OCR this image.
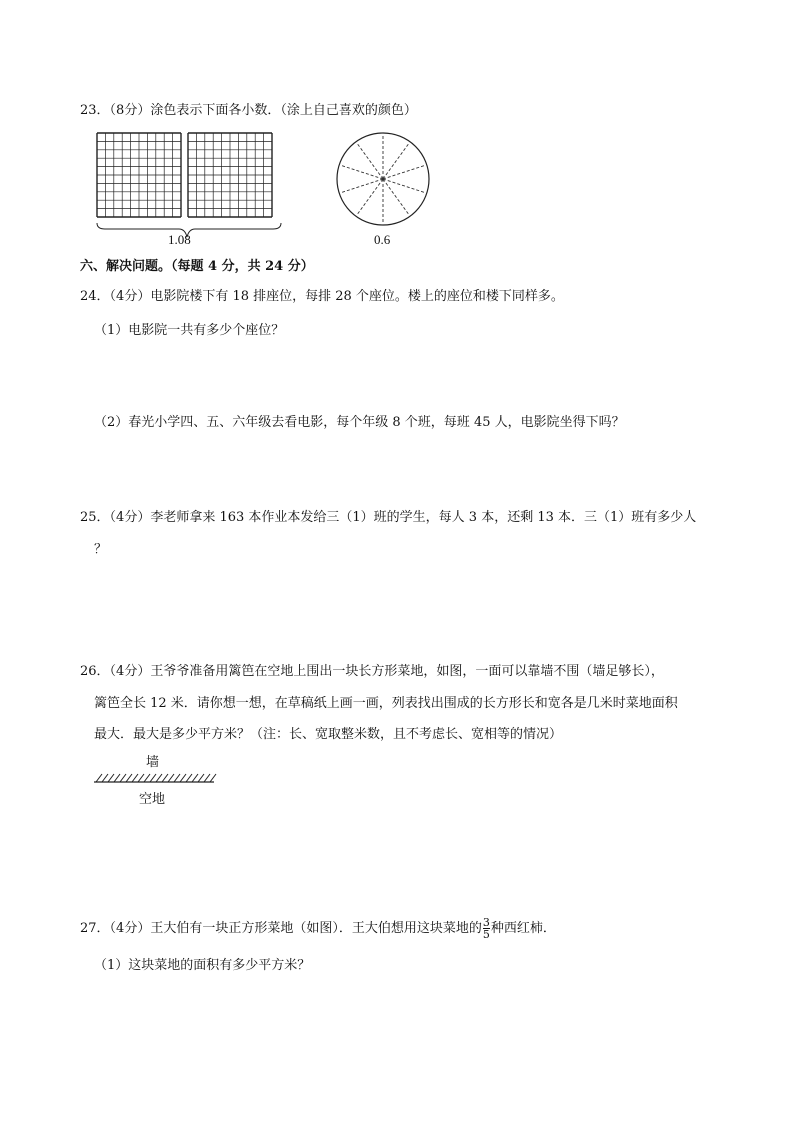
23．（8分）涂色表示下面各小数．（涂上自己喜欢的颜色）
1.08	0.6
六、解决问题。（每题 4 分，共 24 分）
24．（4分）电影院楼下有 18 排座位，每排 28 个座位。楼上的座位和楼下同样多。
（1）电影院一共有多少个座位？
（2）春光小学四、五、六年级去看电影，每个年级 8 个班，每班 45 人，电影院坐得下吗？
25．（4分）李老师拿来 163 本作业本发给三（1）班的学生，每人 3 本，还剩 13 本．三（1）班有多少人
？
26．（4分）王爷爷准备用篱笆在空地上围出一块长方形菜地，如图，一面可以靠墙不围（墙足够长），
篱笆全长 12 米．请你想一想，在草稿纸上画一画，列表找出围成的长方形长和宽各是几米时菜地面积
最大．最大是多少平方米？（注：长、宽取整米数，且不考虑长、宽相等的情况）
墙
空地
27．（4分）王大伯有一块正方形菜地（如图）．王大伯想用这块菜地的 $\frac{3}{5}$ 种西红柿．
（1）这块菜地的面积有多少平方米？
